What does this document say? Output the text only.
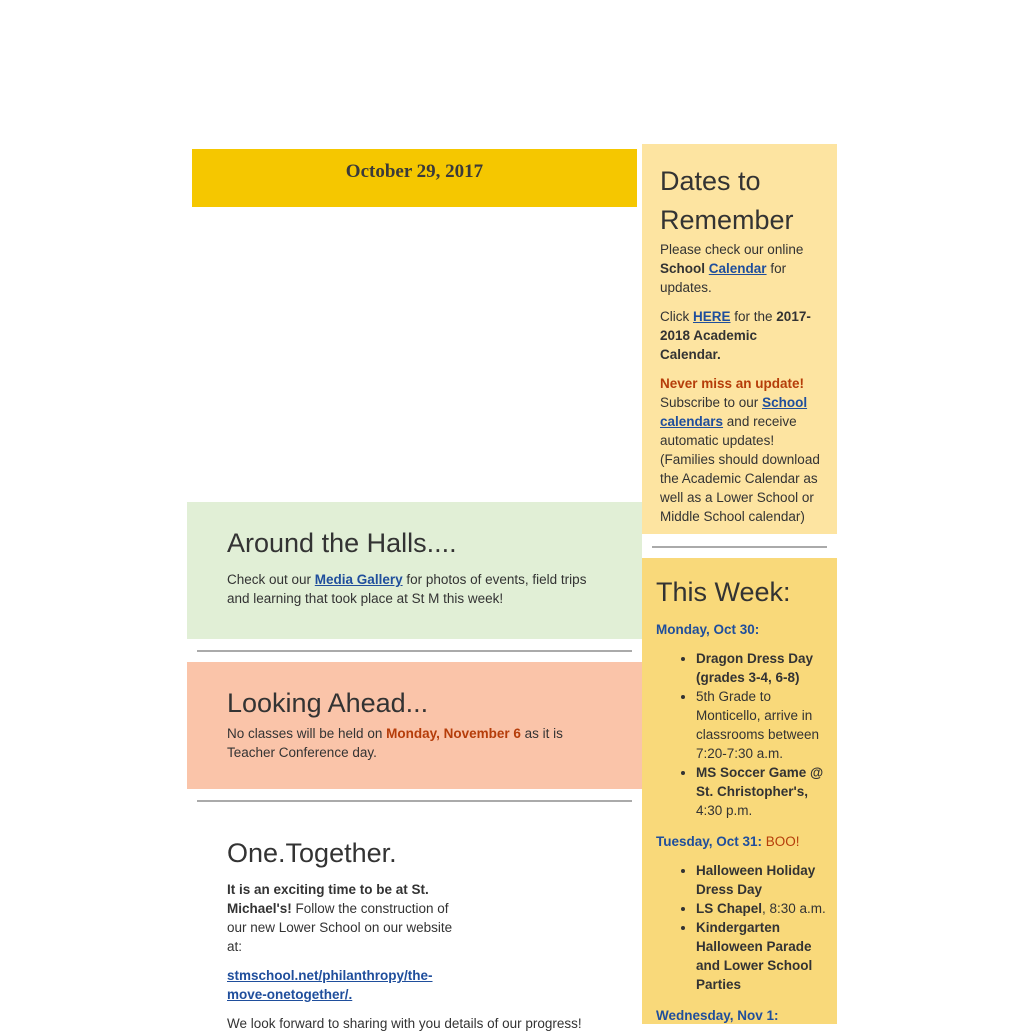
October 29, 2017	Dates to Remember

Please check our online School Calendar for updates.

Click HERE for the 2017-2018 Academic Calendar.

Never miss an update!
Subscribe to our School calendars and receive automatic updates! (Families should download the Academic Calendar as well as a Lower School or Middle School calendar)

This Week:

Monday, Oct 30:

• Dragon Dress Day (grades 3-4, 6-8)
• 5th Grade to Monticello, arrive in classrooms between 7:20-7:30 a.m.
• MS Soccer Game @ St. Christopher's, 4:30 p.m.

Tuesday, Oct 31: BOO!

• Halloween Holiday Dress Day
• LS Chapel, 8:30 a.m.
• Kindergarten Halloween Parade and Lower School Parties

Wednesday, Nov 1:

Around the Halls....

Check out our Media Gallery for photos of events, field trips and learning that took place at St M this week!

Looking Ahead...

No classes will be held on Monday, November 6 as it is Teacher Conference day.

One.Together.

It is an exciting time to be at St. Michael's! Follow the construction of our new Lower School on our website at:

stmschool.net/philanthropy/the-move-onetogether/.

We look forward to sharing with you details of our progress!
